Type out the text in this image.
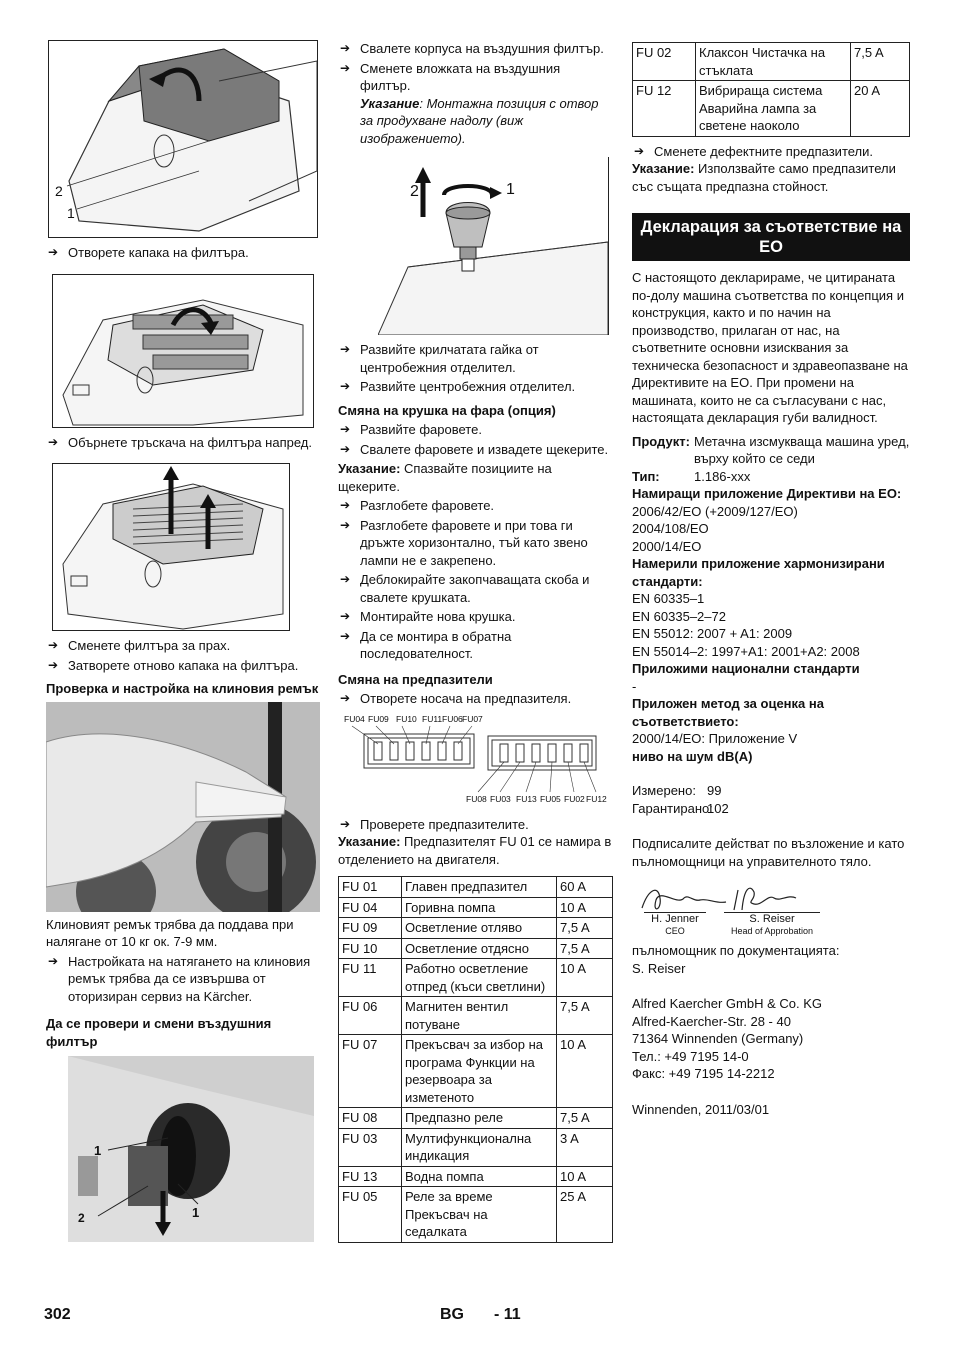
2
1

➔ Отворете капака на филтъра.

➔ Обърнете тръскача на филтъра напред.

➔ Сменете филтъра за прах.

➔ Затворете отново капака на филтъра.

Проверка и настройка на клиновия ремък

Клиновият ремък трябва да поддава при налягане от 10 кг ок. 7-9 мм.

➔ Настройката на натягането на клиновия ремък трябва да се извършва от оторизиран сервиз на Kärcher.

Да се провери и смени въздушния филтър

1
2	1

➔ Свалете корпуса на въздушния филтър.

➔ Сменете вложката на въздушния филтър.

Указание: Монтажна позиция с отвор за продухване надолу (виж изображението).

2	1

➔ Развийте крилчатата гайка от центробежния отделител.

➔ Развийте центробежния отделител.

Смяна на крушка на фара (опция)

➔ Развийте фаровете.

➔ Свалете фаровете и извадете щекерите.

Указание: Спазвайте позициите на щекерите.

➔ Разглобете фаровете.

➔ Разглобете фаровете и при това ги дръжте хоризонтално, тъй като звено лампи не е закрепено.

➔ Деблокирайте закопчаващата скоба и свалете крушката.

➔ Монтирайте нова крушка.

➔ Да се монтира в обратна последователност.

Смяна на предпазители

➔ Отворете носача на предпазителя.

FU04 FU09 FU10 FU11 FU06 FU07
FU08 FU03 FU13 FU05 FU02 FU12

➔ Проверете предпазителите.

Указание: Предпазителят FU 01 се намира в отделението на двигателя.

FU 01	Главен предпазител	60 A
FU 04	Горивна помпа	10 A
FU 09	Осветление отляво	7,5 A
FU 10	Осветление отдясно	7,5 A
FU 11	Работно осветление отпред (къси светлини)	10 A
FU 06	Магнитен вентил потуване	7,5 A
FU 07	Прекъсвач за избор на програма Функции на резервоара за изметеното	10 A
FU 08	Предпазно реле	7,5 A
FU 03	Мултифункционална индикация	3 A
FU 13	Водна помпа	10 A
FU 05	Реле за време Прекъсвач на седалката	25 A
FU 02	Клаксон Чистачка на стъклата	7,5 A
FU 12	Вибрираща система Аварийна лампа за светене наоколо	20 A

➔ Сменете дефектните предпазители.

Указание: Използвайте само предпазители със същата предпазна стойност.

Декларация за съответствие на ЕО

С настоящото декларираме, че цитираната по-долу машина съответства по концепция и конструкция, както и по начин на производство, прилаган от нас, на съответните основни изисквания за техническа безопасност и здравеопазване на Директивите на ЕО. При промени на машината, които не са съгласувани с нас, настоящата декларация губи валидност.

Продукт: Метачна изсмукваща машина уред, върху който се седи
Тип:	1.186-xxx

Намиращи приложение Директиви на ЕО:

2006/42/ЕО (+2009/127/ЕО)

2004/108/ЕО

2000/14/ЕО

Намерили приложение хармонизирани стандарти:

EN 60335–1

EN 60335–2–72

EN 55012: 2007 + A1: 2009

EN 55014–2: 1997+A1: 2001+A2: 2008

Приложими национални стандарти

-

Приложен метод за оценка на съответствието:

2000/14/ЕО: Приложение V

ниво на шум dB(A)

Измерено: 99
Гарантирано:
102

Подписалите действат по възложение и като пълномощници на управителното тяло.

H. Jenner
CEO
S. Reiser
Head of Approbation

пълномощник по документацията:

S. Reiser

Alfred Kaercher GmbH & Co. KG

Alfred-Kaercher-Str. 28 - 40

71364 Winnenden (Germany)

Тел.: +49 7195 14-0

Факс: +49 7195 14-2212

Winnenden, 2011/03/01

302	BG - 11
